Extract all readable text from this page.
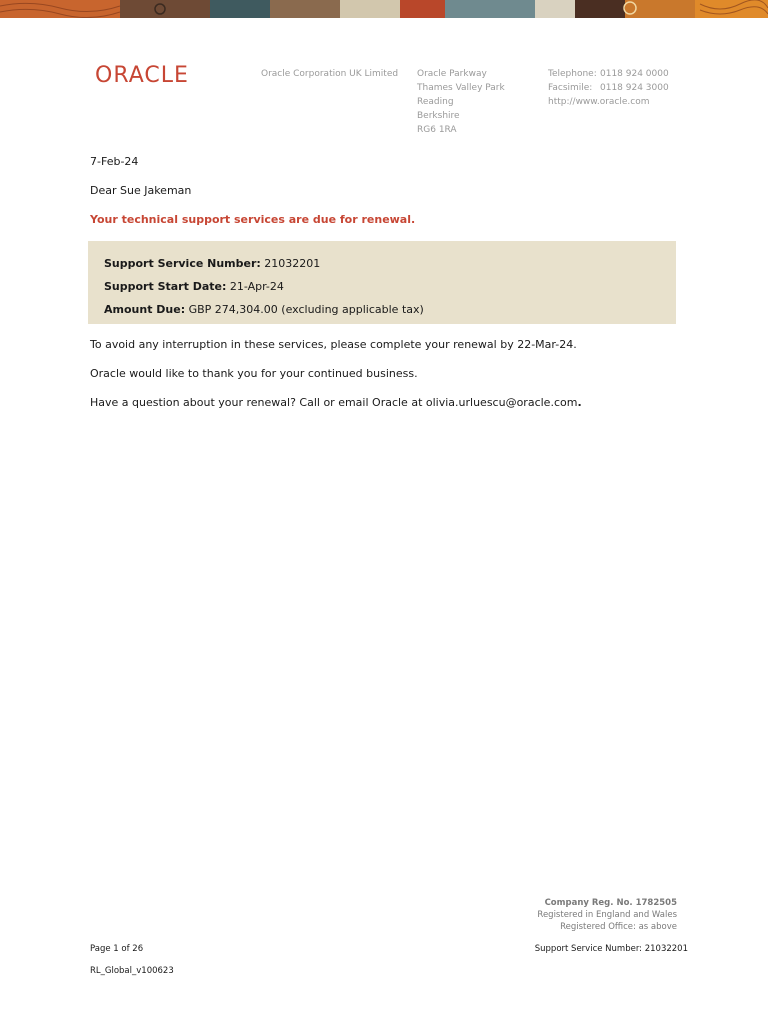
ORACLE	Oracle Corporation UK Limited Oracle Parkway
Thames Valley Park
Reading
Berkshire
RG6 1RA
Telephone: 0118 924 0000
Facsimile: 0118 924 3000
http://www.oracle.com
7-Feb-24
Dear Sue Jakeman
Your technical support services are due for renewal.
Support Service Number: 21032201
Support Start Date: 21-Apr-24
Amount Due: GBP 274,304.00 (excluding applicable tax)
To avoid any interruption in these services, please complete your renewal by 22-Mar-24.
Oracle would like to thank you for your continued business.
Have a question about your renewal? Call or email Oracle at olivia.urluescu@oracle.com.
Company Reg. No. 1782505
Registered in England and Wales
Registered Office: as above
Page 1 of 26	Support Service Number: 21032201
RL_Global_v100623
